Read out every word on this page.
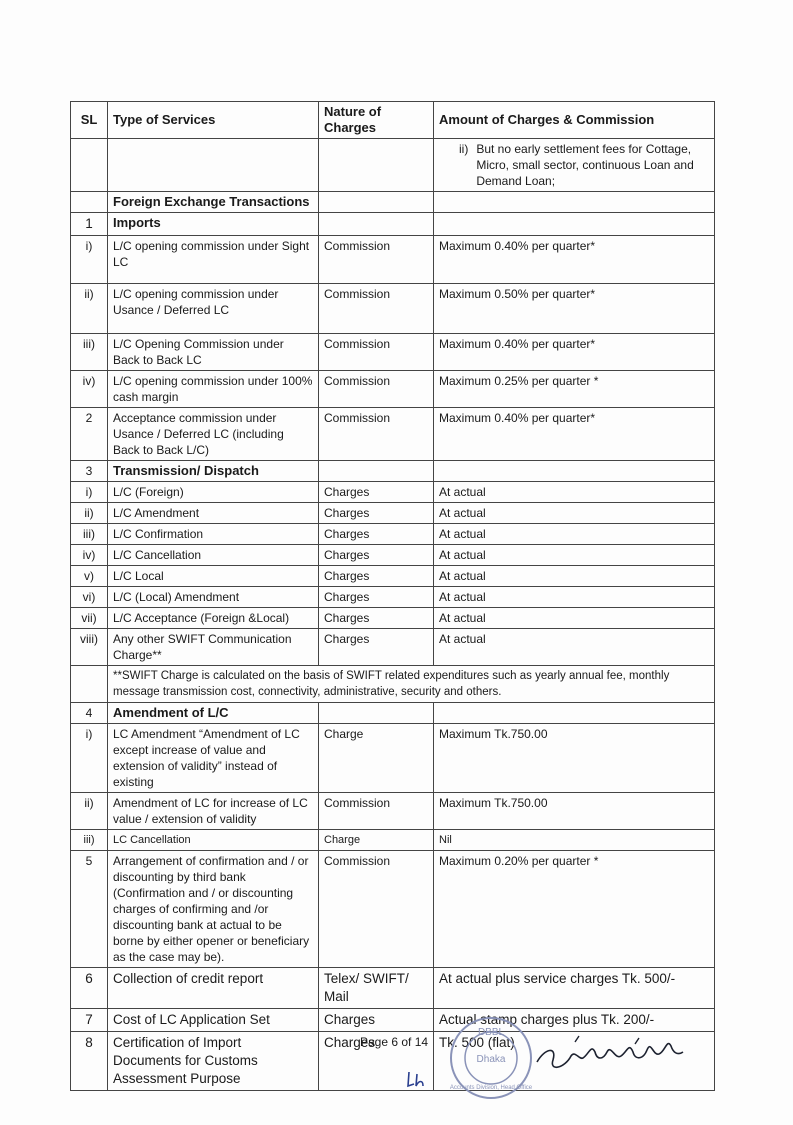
SL	Type of Services	Nature of Charges	Amount of Charges & Commission

			ii) But no early settlement fees for Cottage, Micro, small sector, continuous Loan and Demand Loan;

	Foreign Exchange Transactions		
1	Imports		
i)	L/C opening commission under Sight LC	Commission	Maximum 0.40% per quarter*
ii)	L/C opening commission under Usance / Deferred LC	Commission	Maximum 0.50% per quarter*
iii)	L/C Opening Commission under Back to Back LC	Commission	Maximum 0.40% per quarter*
iv)	L/C opening commission under 100% cash margin	Commission	Maximum 0.25% per quarter *
2	Acceptance commission under Usance / Deferred LC (including Back to Back L/C)	Commission	Maximum 0.40% per quarter*
3	Transmission/ Dispatch		
i)	L/C (Foreign)	Charges	At actual
ii)	L/C Amendment	Charges	At actual
iii)	L/C Confirmation	Charges	At actual
iv)	L/C Cancellation	Charges	At actual
v)	L/C Local	Charges	At actual
vi)	L/C (Local) Amendment	Charges	At actual
vii)	L/C Acceptance (Foreign &Local)	Charges	At actual
viii)	Any other SWIFT Communication Charge**	Charges	At actual
	**SWIFT Charge is calculated on the basis of SWIFT related expenditures such as yearly annual fee, monthly message transmission cost, connectivity, administrative, security and others.		
4	Amendment of L/C		
i)	LC Amendment “Amendment of LC except increase of value and extension of validity” instead of existing	Charge	Maximum Tk.750.00
ii)	Amendment of LC for increase of LC value / extension of validity	Commission	Maximum Tk.750.00
iii)	LC Cancellation	Charge	Nil
5	Arrangement of confirmation and / or discounting by third bank (Confirmation and / or discounting charges of confirming and /or discounting bank at actual to be borne by either opener or beneficiary as the case may be).	Commission	Maximum 0.20% per quarter *
6	Collection of credit report	Telex/ SWIFT/ Mail	At actual plus service charges Tk. 500/-
7	Cost of LC Application Set	Charges	Actual stamp charges plus Tk. 200/-
8	Certification of Import Documents for Customs Assessment Purpose	Charges	Tk. 500 (flat)
Page 6 of 14
DBBL
Dhaka
Accounts Division, Head Office
